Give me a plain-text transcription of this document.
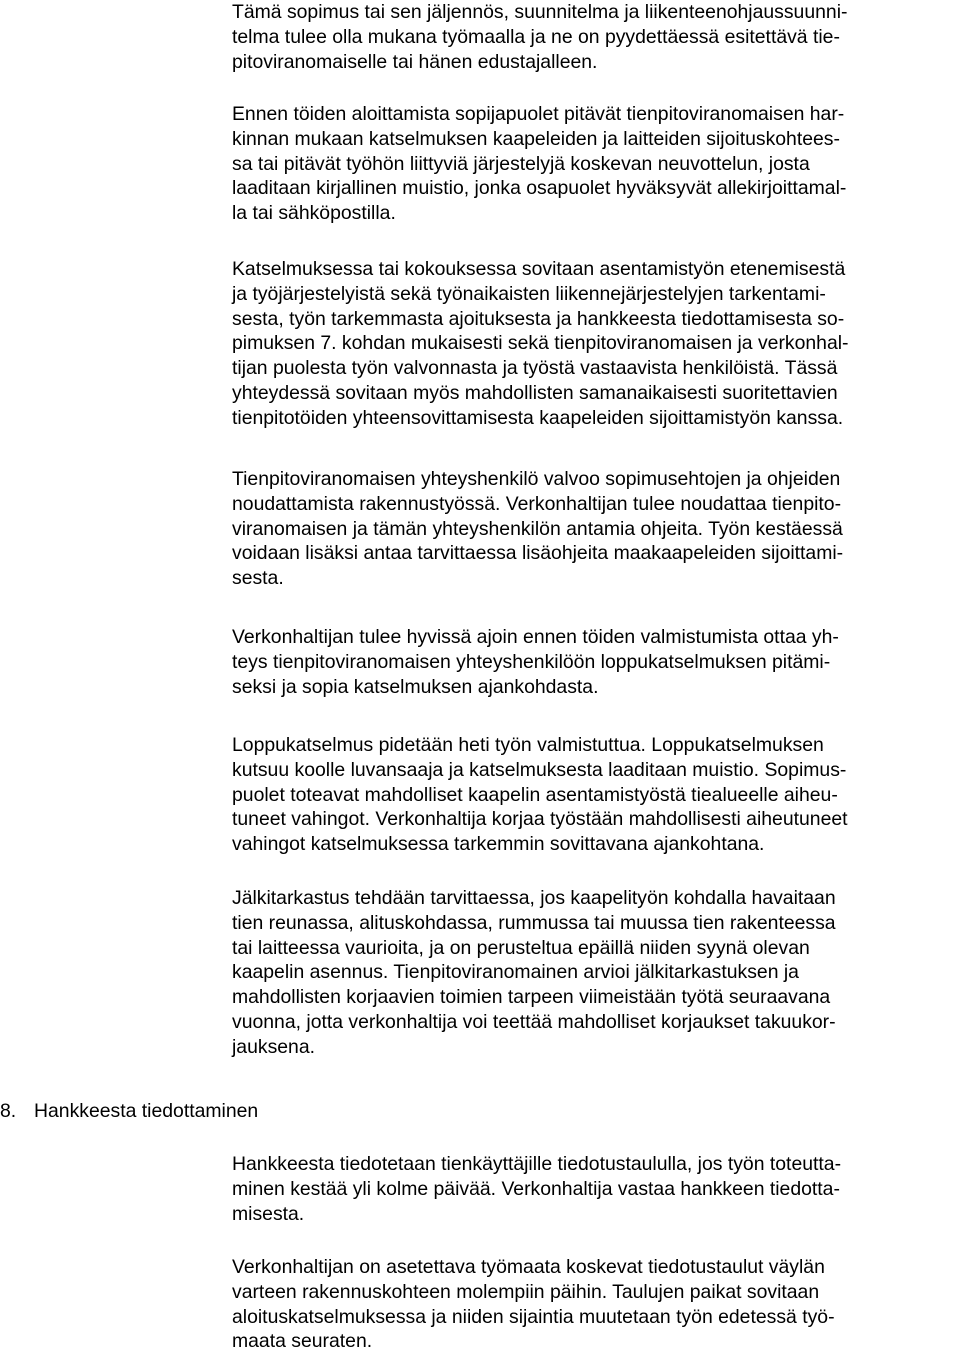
8. Hankkeesta tiedottaminen
Tämä sopimus tai sen jäljennös, suunnitelma ja liikenteenohjaussuunni-
telma tulee olla mukana työmaalla ja ne on pyydettäessä esitettävä tie-
pitoviranomaiselle tai hänen edustajalleen.
Ennen töiden aloittamista sopijapuolet pitävät tienpitoviranomaisen har-
kinnan mukaan katselmuksen kaapeleiden ja laitteiden sijoituskohtees-
sa tai pitävät työhön liittyviä järjestelyjä koskevan neuvottelun, josta
laaditaan kirjallinen muistio, jonka osapuolet hyväksyvät allekirjoittamal-
la tai sähköpostilla.
Katselmuksessa tai kokouksessa sovitaan asentamistyön etenemisestä
ja työjärjestelyistä sekä työnaikaisten liikennejärjestelyjen tarkentami-
sesta, työn tarkemmasta ajoituksesta ja hankkeesta tiedottamisesta so-
pimuksen 7. kohdan mukaisesti sekä tienpitoviranomaisen ja verkonhal-
tijan puolesta työn valvonnasta ja työstä vastaavista henkilöistä. Tässä
yhteydessä sovitaan myös mahdollisten samanaikaisesti suoritettavien
tienpitotöiden yhteensovittamisesta kaapeleiden sijoittamistyön kanssa.
Tienpitoviranomaisen yhteyshenkilö valvoo sopimusehtojen ja ohjeiden
noudattamista rakennustyössä. Verkonhaltijan tulee noudattaa tienpito-
viranomaisen ja tämän yhteyshenkilön antamia ohjeita. Työn kestäessä
voidaan lisäksi antaa tarvittaessa lisäohjeita maakaapeleiden sijoittami-
sesta.
Verkonhaltijan tulee hyvissä ajoin ennen töiden valmistumista ottaa yh-
teys tienpitoviranomaisen yhteyshenkilöön loppukatselmuksen pitämi-
seksi ja sopia katselmuksen ajankohdasta.
Loppukatselmus pidetään heti työn valmistuttua. Loppukatselmuksen
kutsuu koolle luvansaaja ja katselmuksesta laaditaan muistio. Sopimus-
puolet toteavat mahdolliset kaapelin asentamistyöstä tiealueelle aiheu-
tuneet vahingot. Verkonhaltija korjaa työstään mahdollisesti aiheutuneet
vahingot katselmuksessa tarkemmin sovittavana ajankohtana.
Jälkitarkastus tehdään tarvittaessa, jos kaapelityön kohdalla havaitaan
tien reunassa, alituskohdassa, rummussa tai muussa tien rakenteessa
tai laitteessa vaurioita, ja on perusteltua epäillä niiden syynä olevan
kaapelin asennus. Tienpitoviranomainen arvioi jälkitarkastuksen ja
mahdollisten korjaavien toimien tarpeen viimeistään työtä seuraavana
vuonna, jotta verkonhaltija voi teettää mahdolliset korjaukset takuukor-
jauksena.
Hankkeesta tiedotetaan tienkäyttäjille tiedotustaululla, jos työn toteutta-
minen kestää yli kolme päivää. Verkonhaltija vastaa hankkeen tiedotta-
misesta.
Verkonhaltijan on asetettava työmaata koskevat tiedotustaulut väylän
varteen rakennuskohteen molempiin päihin. Taulujen paikat sovitaan
aloituskatselmuksessa ja niiden sijaintia muutetaan työn edetessä työ-
maata seuraten.
